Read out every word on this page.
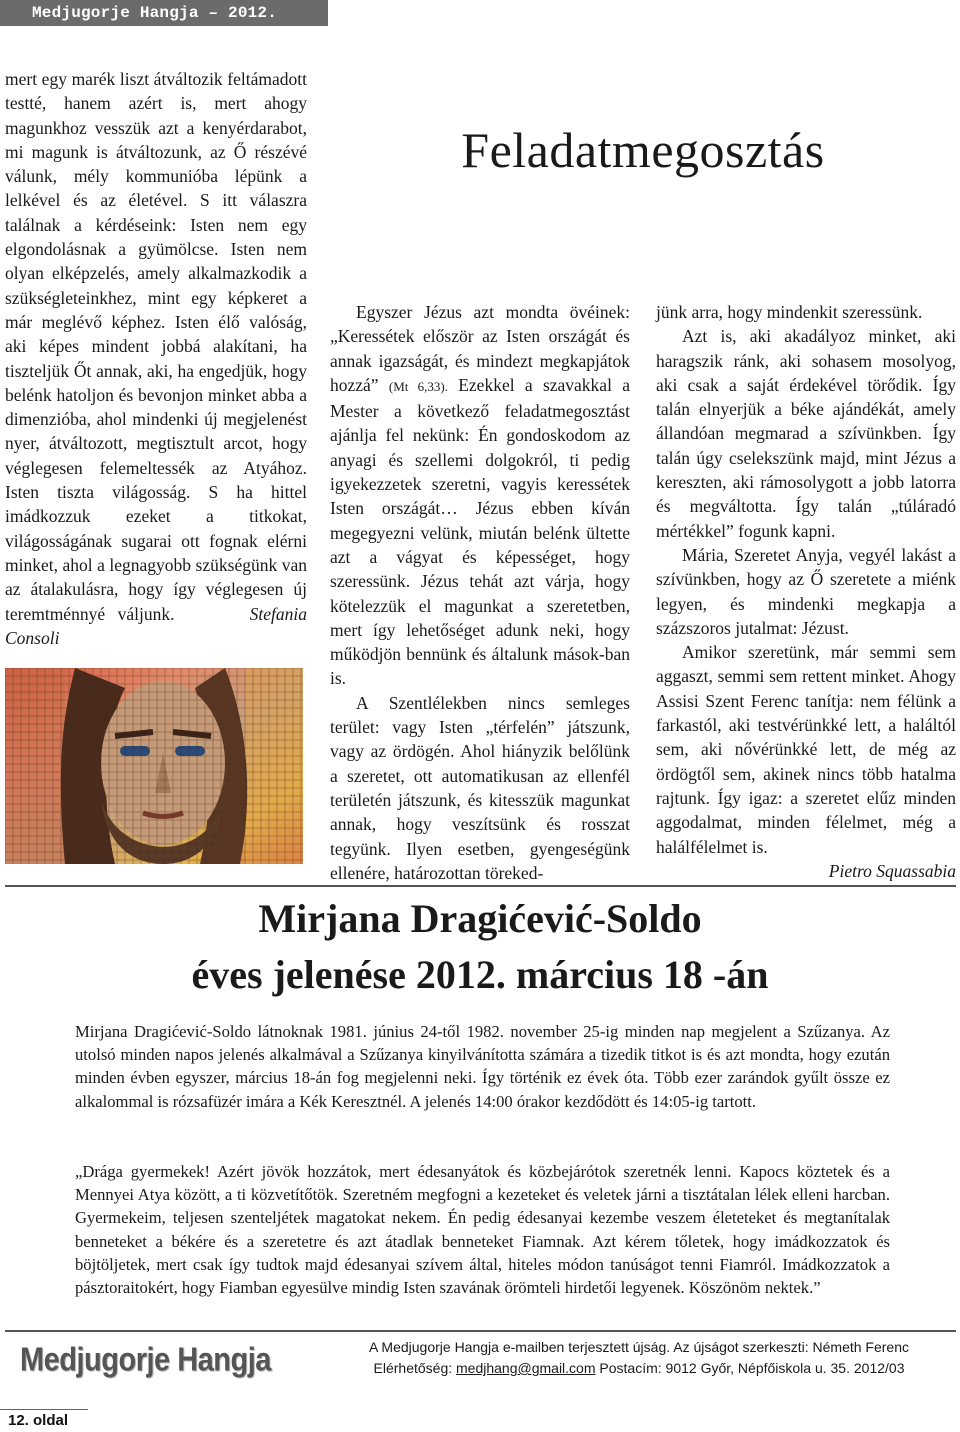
Medjugorje Hangja – 2012. Március

mert egy marék liszt átváltozik feltámadott testté, hanem azért is, mert ahogy magunkhoz vesszük azt a kenyérdarabot, mi magunk is átváltozunk, az Ő részévé válunk, mély kommunióba lépünk a lelkével és az életével. S itt válaszra találnak a kérdéseink: Isten nem egy elgondolásnak a gyümölcse. Isten nem olyan elképzelés, amely alkalmazkodik a szükségleteinkhez, mint egy képkeret a már meglévő képhez. Isten élő valóság, aki képes mindent jobbá alakítani, ha tiszteljük Őt annak, aki, ha engedjük, hogy belénk hatoljon és bevonjon minket abba a dimenzióba, ahol mindenki új megjelenést nyer, átváltozott, megtisztult arcot, hogy véglegesen felemeltessék az Atyához. Isten tiszta világosság. S ha hittel imádkozzuk ezeket a titkokat, világosságának sugarai ott fognak elérni minket, ahol a legnagyobb szükségünk van az átalakulásra, hogy így véglegesen új teremtménnyé váljunk.	Stefania Consoli

Feladatmegosztás

Egyszer Jézus azt mondta övéinek: „Keressétek először az Isten országát és annak igazságát, és mindezt megkapjátok hozzá” (Mt 6,33). Ezekkel a szavakkal a Mester a következő feladatmegosztást ajánlja fel nekünk: Én gondoskodom az anyagi és szellemi dolgokról, ti pedig igyekezzetek szeretni, vagyis keressétek Isten országát… Jézus ebben kíván megegyezni velünk, miután belénk ültette azt a vágyat és képességet, hogy szeressünk. Jézus tehát azt várja, hogy kötelezzük el magunkat a szeretetben, mert így lehetőséget adunk neki, hogy működjön bennünk és általunk mások-ban is.

A Szentlélekben nincs semleges terület: vagy Isten „térfelén” játszunk, vagy az ördögén. Ahol hiányzik belőlünk a szeretet, ott automatikusan az ellenfél területén játszunk, és kitesszük magunkat annak, hogy veszítsünk és rosszat tegyünk. Ilyen esetben, gyengeségünk ellenére, határozottan töreked-

jünk arra, hogy mindenkit szeressünk.

Azt is, aki akadályoz minket, aki haragszik ránk, aki sohasem mosolyog, aki csak a saját érdekével törődik. Így talán elnyerjük a béke ajándékát, amely állandóan megmarad a szívünkben. Így talán úgy cselekszünk majd, mint Jézus a kereszten, aki rámosolygott a jobb latorra és megváltotta. Így talán „túláradó mértékkel” fogunk kapni.

Mária, Szeretet Anyja, vegyél lakást a szívünkben, hogy az Ő szeretete a miénk legyen, és mindenki megkapja a százszoros jutalmat: Jézust.

Amikor szeretünk, már semmi sem aggaszt, semmi sem rettent minket. Ahogy Assisi Szent Ferenc tanítja: nem félünk a farkastól, aki testvérünkké lett, a haláltól sem, aki nővérünkké lett, de még az ördögtől sem, akinek nincs több hatalma rajtunk. Így igaz: a szeretet elűz minden aggodalmat, minden félelmet, még a halálfélelmet is.

Pietro Squassabia

Mirjana Dragićević-Soldo
éves jelenése 2012. március 18 -án

Mirjana Dragićević-Soldo látnoknak 1981. június 24-től 1982. november 25-ig minden nap megjelent a Szűzanya. Az utolsó minden napos jelenés alkalmával a Szűzanya kinyilvánította számára a tizedik titkot is és azt mondta, hogy ezután minden évben egyszer, március 18-án fog megjelenni neki. Így történik ez évek óta. Több ezer zarándok gyűlt össze ez alkalommal is rózsafüzér imára a Kék Keresztnél. A jelenés 14:00 órakor kezdődött és 14:05-ig tartott.

„Drága gyermekek! Azért jövök hozzátok, mert édesanyátok és közbejárótok szeretnék lenni. Kapocs köztetek és a Mennyei Atya között, a ti közvetítőtök. Szeretném megfogni a kezeteket és veletek járni a tisztátalan lélek elleni harcban. Gyermekeim, teljesen szenteljétek magatokat nekem. Én pedig édesanyai kezembe veszem életeteket és megtanítalak benneteket a békére és a szeretetre és azt átadlak benneteket Fiamnak. Azt kérem tőletek, hogy imádkozzatok és böjtöljetek, mert csak így tudtok majd édesanyai szívem által, hiteles módon tanúságot tenni Fiamról. Imádkozzatok a pásztoraitokért, hogy Fiamban egyesülve mindig Isten szavának örömteli hirdetői legyenek. Köszönöm nektek.”

Medjugorje Hangja	A Medjugorje Hangja e-mailben terjesztett újság. Az újságot szerkeszti: Németh Ferenc
Elérhetőség: medjhang@gmail.com Postacím: 9012 Győr, Népfőiskola u. 35. 2012/03
12. oldal
